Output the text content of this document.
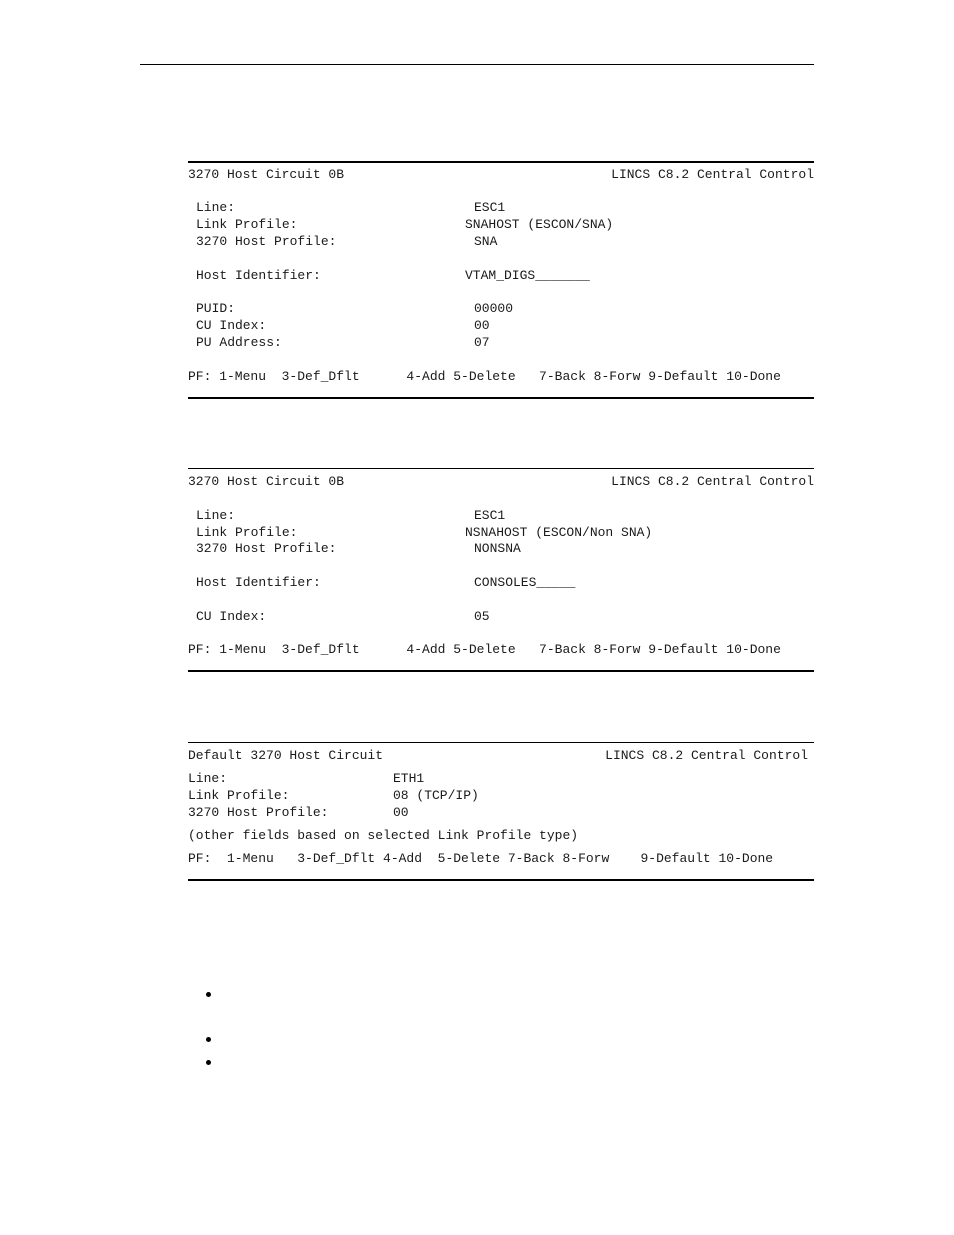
3270 Host Circuit 0B	LINCS C8.2 Central Control
Line:	ESC1
Link Profile:	SNAHOST (ESCON/SNA)
3270 Host Profile:	SNA
Host Identifier:	VTAM_DIGS_______
PUID:	00000
CU Index:	00
PU Address:	07
PF: 1-Menu  3-Def_Dflt      4-Add 5-Delete   7-Back 8-Forw 9-Default 10-Done
3270 Host Circuit 0B	LINCS C8.2 Central Control
Line:	ESC1
Link Profile:	NSNAHOST (ESCON/Non SNA)
3270 Host Profile:	NONSNA
Host Identifier:	CONSOLES_____
CU Index:	05
PF: 1-Menu  3-Def_Dflt      4-Add 5-Delete   7-Back 8-Forw 9-Default 10-Done
Default 3270 Host Circuit	LINCS C8.2 Central Control
Line:	ETH1
Link Profile:	08 (TCP/IP)
3270 Host Profile:	00
(other fields based on selected Link Profile type)
PF:  1-Menu   3-Def_Dflt 4-Add  5-Delete 7-Back 8-Forw    9-Default 10-Done
